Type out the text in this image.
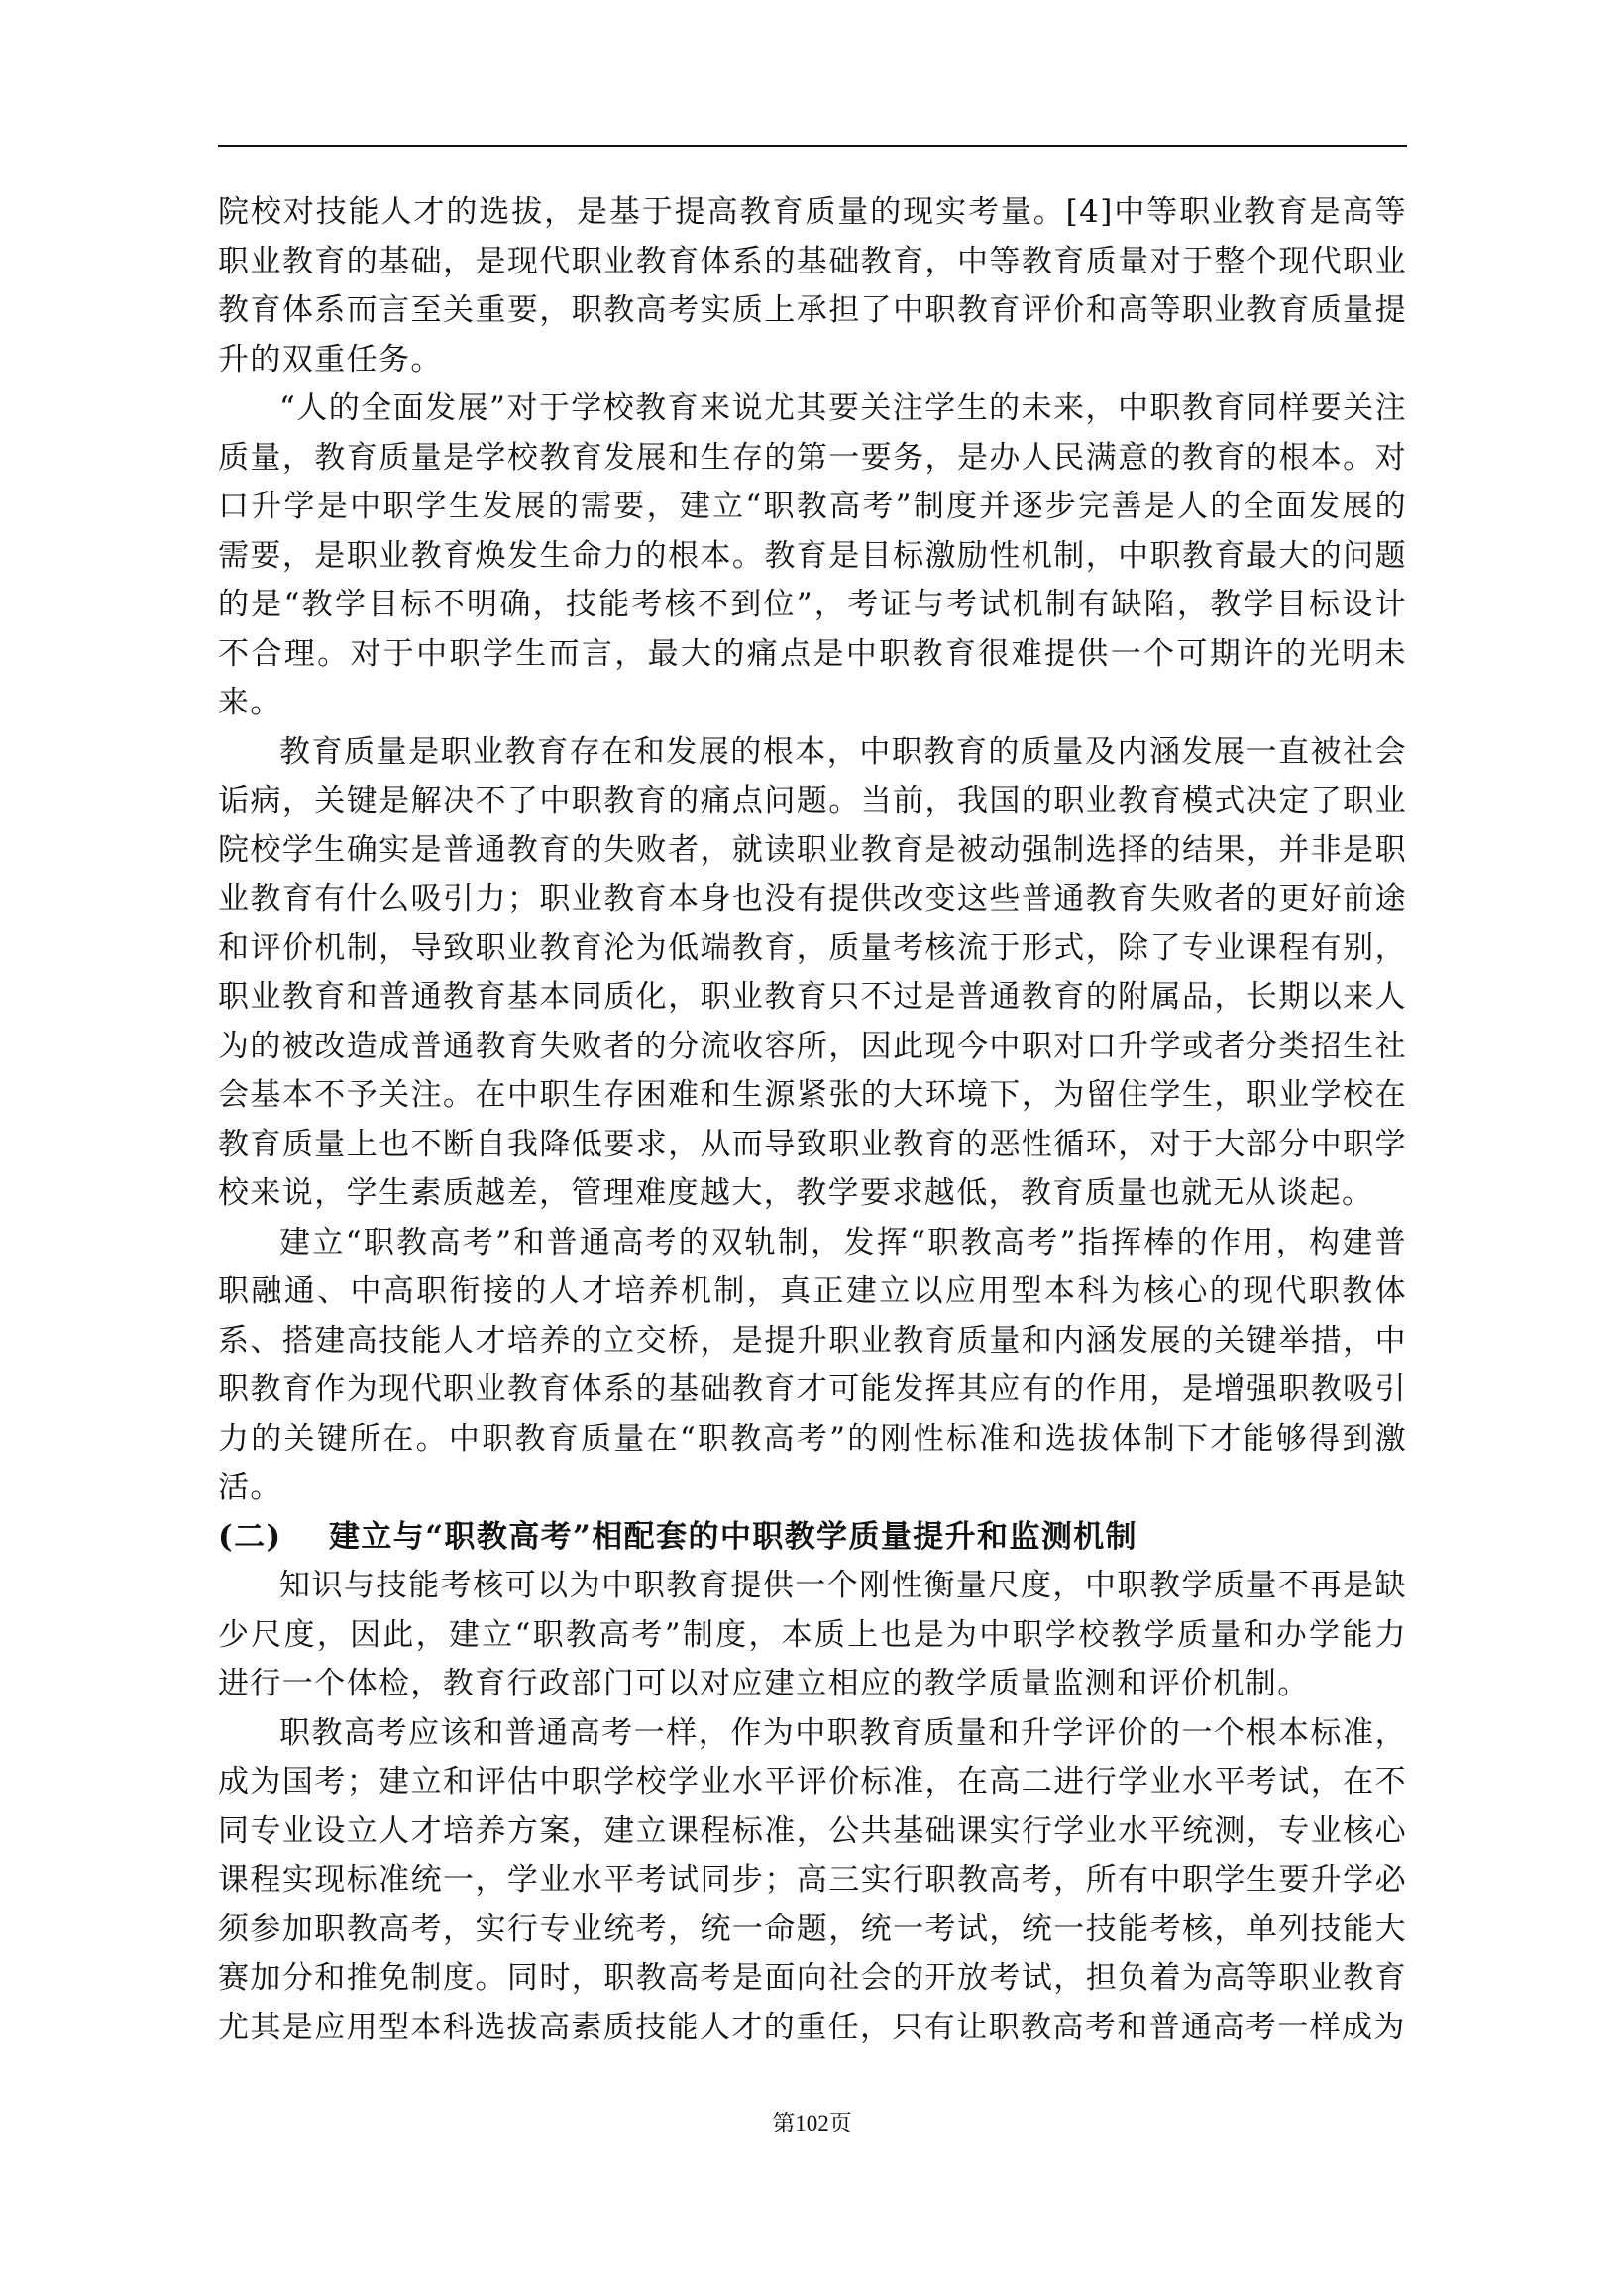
院校对技能人才的选拔，是基于提高教育质量的现实考量。[4]中等职业教育是高等职业教育的基础，是现代职业教育体系的基础教育，中等教育质量对于整个现代职业教育体系而言至关重要，职教高考实质上承担了中职教育评价和高等职业教育质量提升的双重任务。

“人的全面发展”对于学校教育来说尤其要关注学生的未来，中职教育同样要关注质量，教育质量是学校教育发展和生存的第一要务，是办人民满意的教育的根本。对口升学是中职学生发展的需要，建立“职教高考”制度并逐步完善是人的全面发展的需要，是职业教育焕发生命力的根本。教育是目标激励性机制，中职教育最大的问题的是“教学目标不明确，技能考核不到位”，考证与考试机制有缺陷，教学目标设计不合理。对于中职学生而言，最大的痛点是中职教育很难提供一个可期许的光明未来。

教育质量是职业教育存在和发展的根本，中职教育的质量及内涵发展一直被社会诟病，关键是解决不了中职教育的痛点问题。当前，我国的职业教育模式决定了职业院校学生确实是普通教育的失败者，就读职业教育是被动强制选择的结果，并非是职业教育有什么吸引力；职业教育本身也没有提供改变这些普通教育失败者的更好前途和评价机制，导致职业教育沦为低端教育，质量考核流于形式，除了专业课程有别，职业教育和普通教育基本同质化，职业教育只不过是普通教育的附属品，长期以来人为的被改造成普通教育失败者的分流收容所，因此现今中职对口升学或者分类招生社会基本不予关注。在中职生存困难和生源紧张的大环境下，为留住学生，职业学校在教育质量上也不断自我降低要求，从而导致职业教育的恶性循环，对于大部分中职学校来说，学生素质越差，管理难度越大，教学要求越低，教育质量也就无从谈起。

建立“职教高考”和普通高考的双轨制，发挥“职教高考”指挥棒的作用，构建普职融通、中高职衔接的人才培养机制，真正建立以应用型本科为核心的现代职教体系、搭建高技能人才培养的立交桥，是提升职业教育质量和内涵发展的关键举措，中职教育作为现代职业教育体系的基础教育才可能发挥其应有的作用，是增强职教吸引力的关键所在。中职教育质量在“职教高考”的刚性标准和选拔体制下才能够得到激活。

(二)	建立与“职教高考”相配套的中职教学质量提升和监测机制

知识与技能考核可以为中职教育提供一个刚性衡量尺度，中职教学质量不再是缺少尺度，因此，建立“职教高考”制度，本质上也是为中职学校教学质量和办学能力进行一个体检，教育行政部门可以对应建立相应的教学质量监测和评价机制。

职教高考应该和普通高考一样，作为中职教育质量和升学评价的一个根本标准，成为国考；建立和评估中职学校学业水平评价标准，在高二进行学业水平考试，在不同专业设立人才培养方案，建立课程标准，公共基础课实行学业水平统测，专业核心课程实现标准统一，学业水平考试同步；高三实行职教高考，所有中职学生要升学必须参加职教高考，实行专业统考，统一命题，统一考试，统一技能考核，单列技能大赛加分和推免制度。同时，职教高考是面向社会的开放考试，担负着为高等职业教育尤其是应用型本科选拔高素质技能人才的重任，只有让职教高考和普通高考一样成为

第102页
